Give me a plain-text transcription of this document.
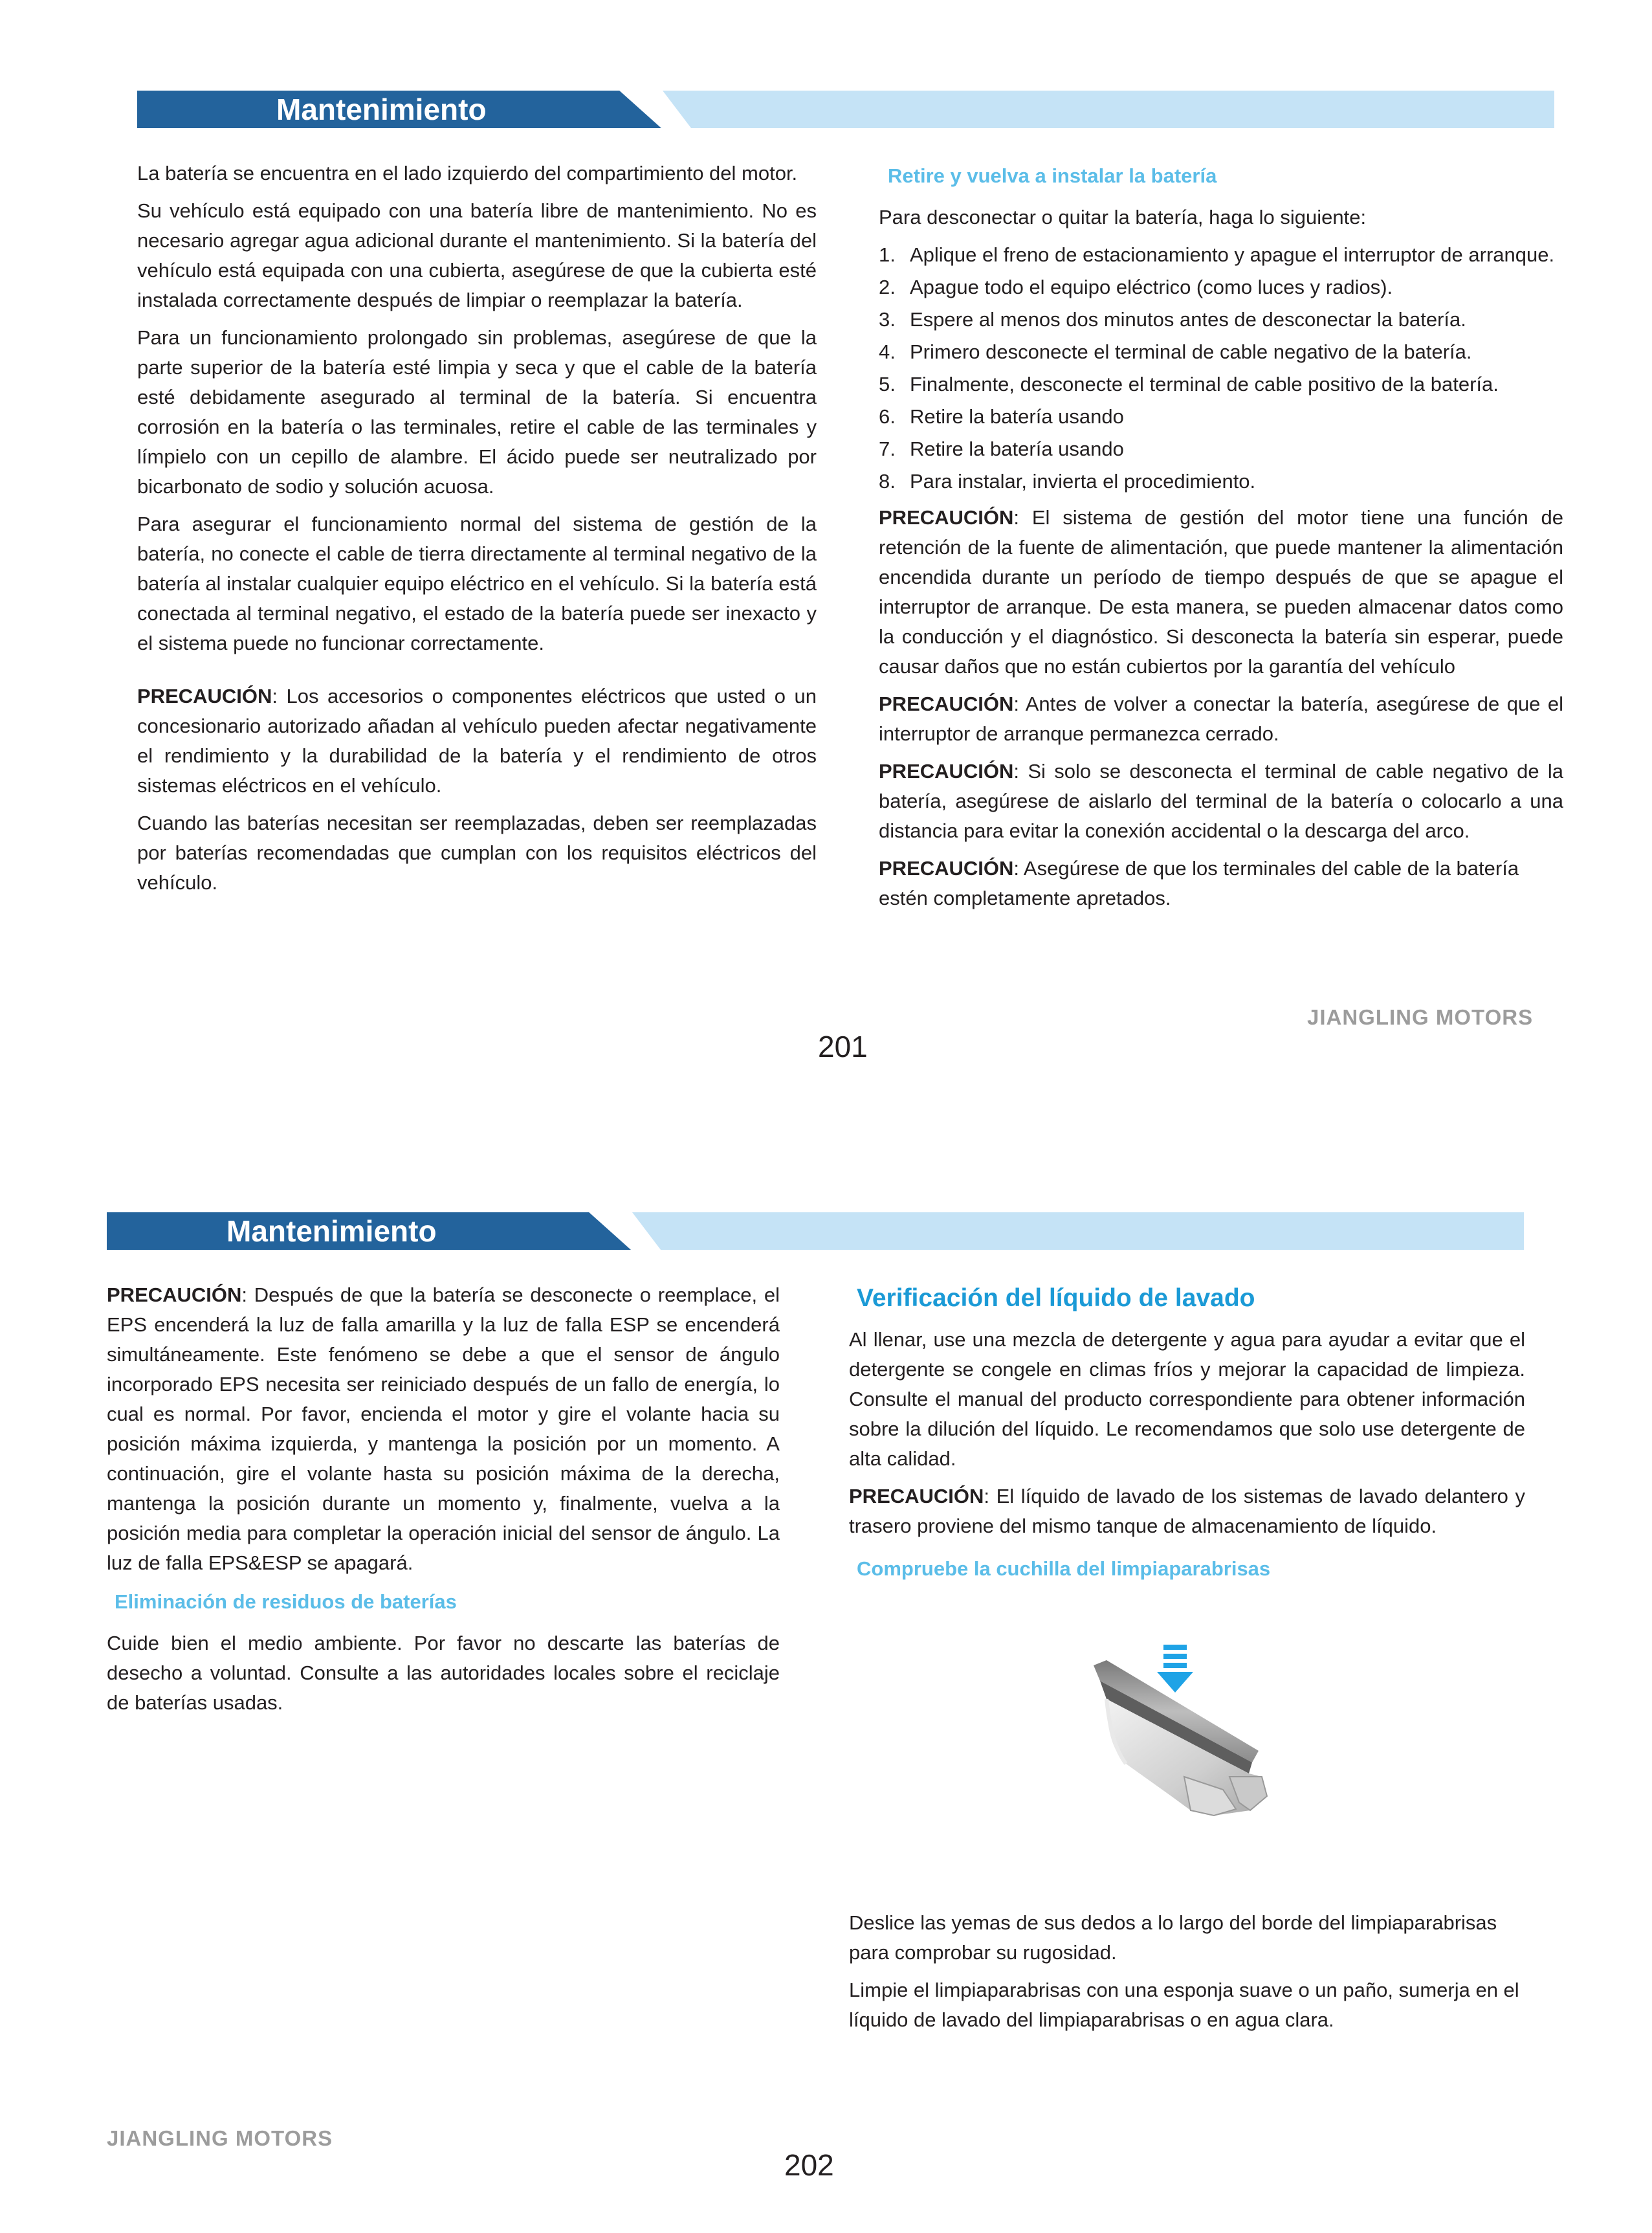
Mantenimiento

La batería se encuentra en el lado izquierdo del compartimiento del motor.

Su vehículo está equipado con una batería libre de mantenimiento. No es necesario agregar agua adicional durante el mantenimiento. Si la batería del vehículo está equipada con una cubierta, asegúrese de que la cubierta esté instalada correctamente después de limpiar o reemplazar la batería.

Para un funcionamiento prolongado sin problemas, asegúrese de que la parte superior de la batería esté limpia y seca y que el cable de la batería esté debidamente asegurado al terminal de la batería. Si encuentra corrosión en la batería o las terminales, retire el cable de las terminales y límpielo con un cepillo de alambre. El ácido puede ser neutralizado por bicarbonato de sodio y solución acuosa.

Para asegurar el funcionamiento normal del sistema de gestión de la batería, no conecte el cable de tierra directamente al terminal negativo de la batería al instalar cualquier equipo eléctrico en el vehículo. Si la batería está conectada al terminal negativo, el estado de la batería puede ser inexacto y el sistema puede no funcionar correctamente.

PRECAUCIÓN: Los accesorios o componentes eléctricos que usted o un concesionario autorizado añadan al vehículo pueden afectar negativamente el rendimiento y la durabilidad de la batería y el rendimiento de otros sistemas eléctricos en el vehículo.

Cuando las baterías necesitan ser reemplazadas, deben ser reemplazadas por baterías recomendadas que cumplan con los requisitos eléctricos del vehículo.

Retire y vuelva a instalar la batería

Para desconectar o quitar la batería, haga lo siguiente:

1. Aplique el freno de estacionamiento y apague el interruptor de arranque.
2. Apague todo el equipo eléctrico (como luces y radios).
3. Espere al menos dos minutos antes de desconectar la batería.
4. Primero desconecte el terminal de cable negativo de la batería.
5. Finalmente, desconecte el terminal de cable positivo de la batería.
6. Retire la batería usando
7. Retire la batería usando
8. Para instalar, invierta el procedimiento.

PRECAUCIÓN: El sistema de gestión del motor tiene una función de retención de la fuente de alimentación, que puede mantener la alimentación encendida durante un período de tiempo después de que se apague el interruptor de arranque. De esta manera, se pueden almacenar datos como la conducción y el diagnóstico. Si desconecta la batería sin esperar, puede causar daños que no están cubiertos por la garantía del vehículo

PRECAUCIÓN: Antes de volver a conectar la batería, asegúrese de que el interruptor de arranque permanezca cerrado.

PRECAUCIÓN: Si solo se desconecta el terminal de cable negativo de la batería, asegúrese de aislarlo del terminal de la batería o colocarlo a una distancia para evitar la conexión accidental o la descarga del arco.

PRECAUCIÓN: Asegúrese de que los terminales del cable de la batería estén completamente apretados.

JIANGLING MOTORS
201
Mantenimiento

PRECAUCIÓN: Después de que la batería se desconecte o reemplace, el EPS encenderá la luz de falla amarilla y la luz de falla ESP se encenderá simultáneamente. Este fenómeno se debe a que el sensor de ángulo incorporado EPS necesita ser reiniciado después de un fallo de energía, lo cual es normal. Por favor, encienda el motor y gire el volante hacia su posición máxima izquierda, y mantenga la posición por un momento. A continuación, gire el volante hasta su posición máxima de la derecha, mantenga la posición durante un momento y, finalmente, vuelva a la posición media para completar la operación inicial del sensor de ángulo. La luz de falla EPS&ESP se apagará.

Eliminación de residuos de baterías

Cuide bien el medio ambiente. Por favor no descarte las baterías de desecho a voluntad. Consulte a las autoridades locales sobre el reciclaje de baterías usadas.

Verificación del líquido de lavado

Al llenar, use una mezcla de detergente y agua para ayudar a evitar que el detergente se congele en climas fríos y mejorar la capacidad de limpieza. Consulte el manual del producto correspondiente para obtener información sobre la dilución del líquido. Le recomendamos que solo use detergente de alta calidad.

PRECAUCIÓN: El líquido de lavado de los sistemas de lavado delantero y trasero proviene del mismo tanque de almacenamiento de líquido.

Compruebe la cuchilla del limpiaparabrisas

Deslice las yemas de sus dedos a lo largo del borde del limpiaparabrisas para comprobar su rugosidad.

Limpie el limpiaparabrisas con una esponja suave o un paño, sumerja en el líquido de lavado del limpiaparabrisas o en agua clara.

JIANGLING MOTORS
202
